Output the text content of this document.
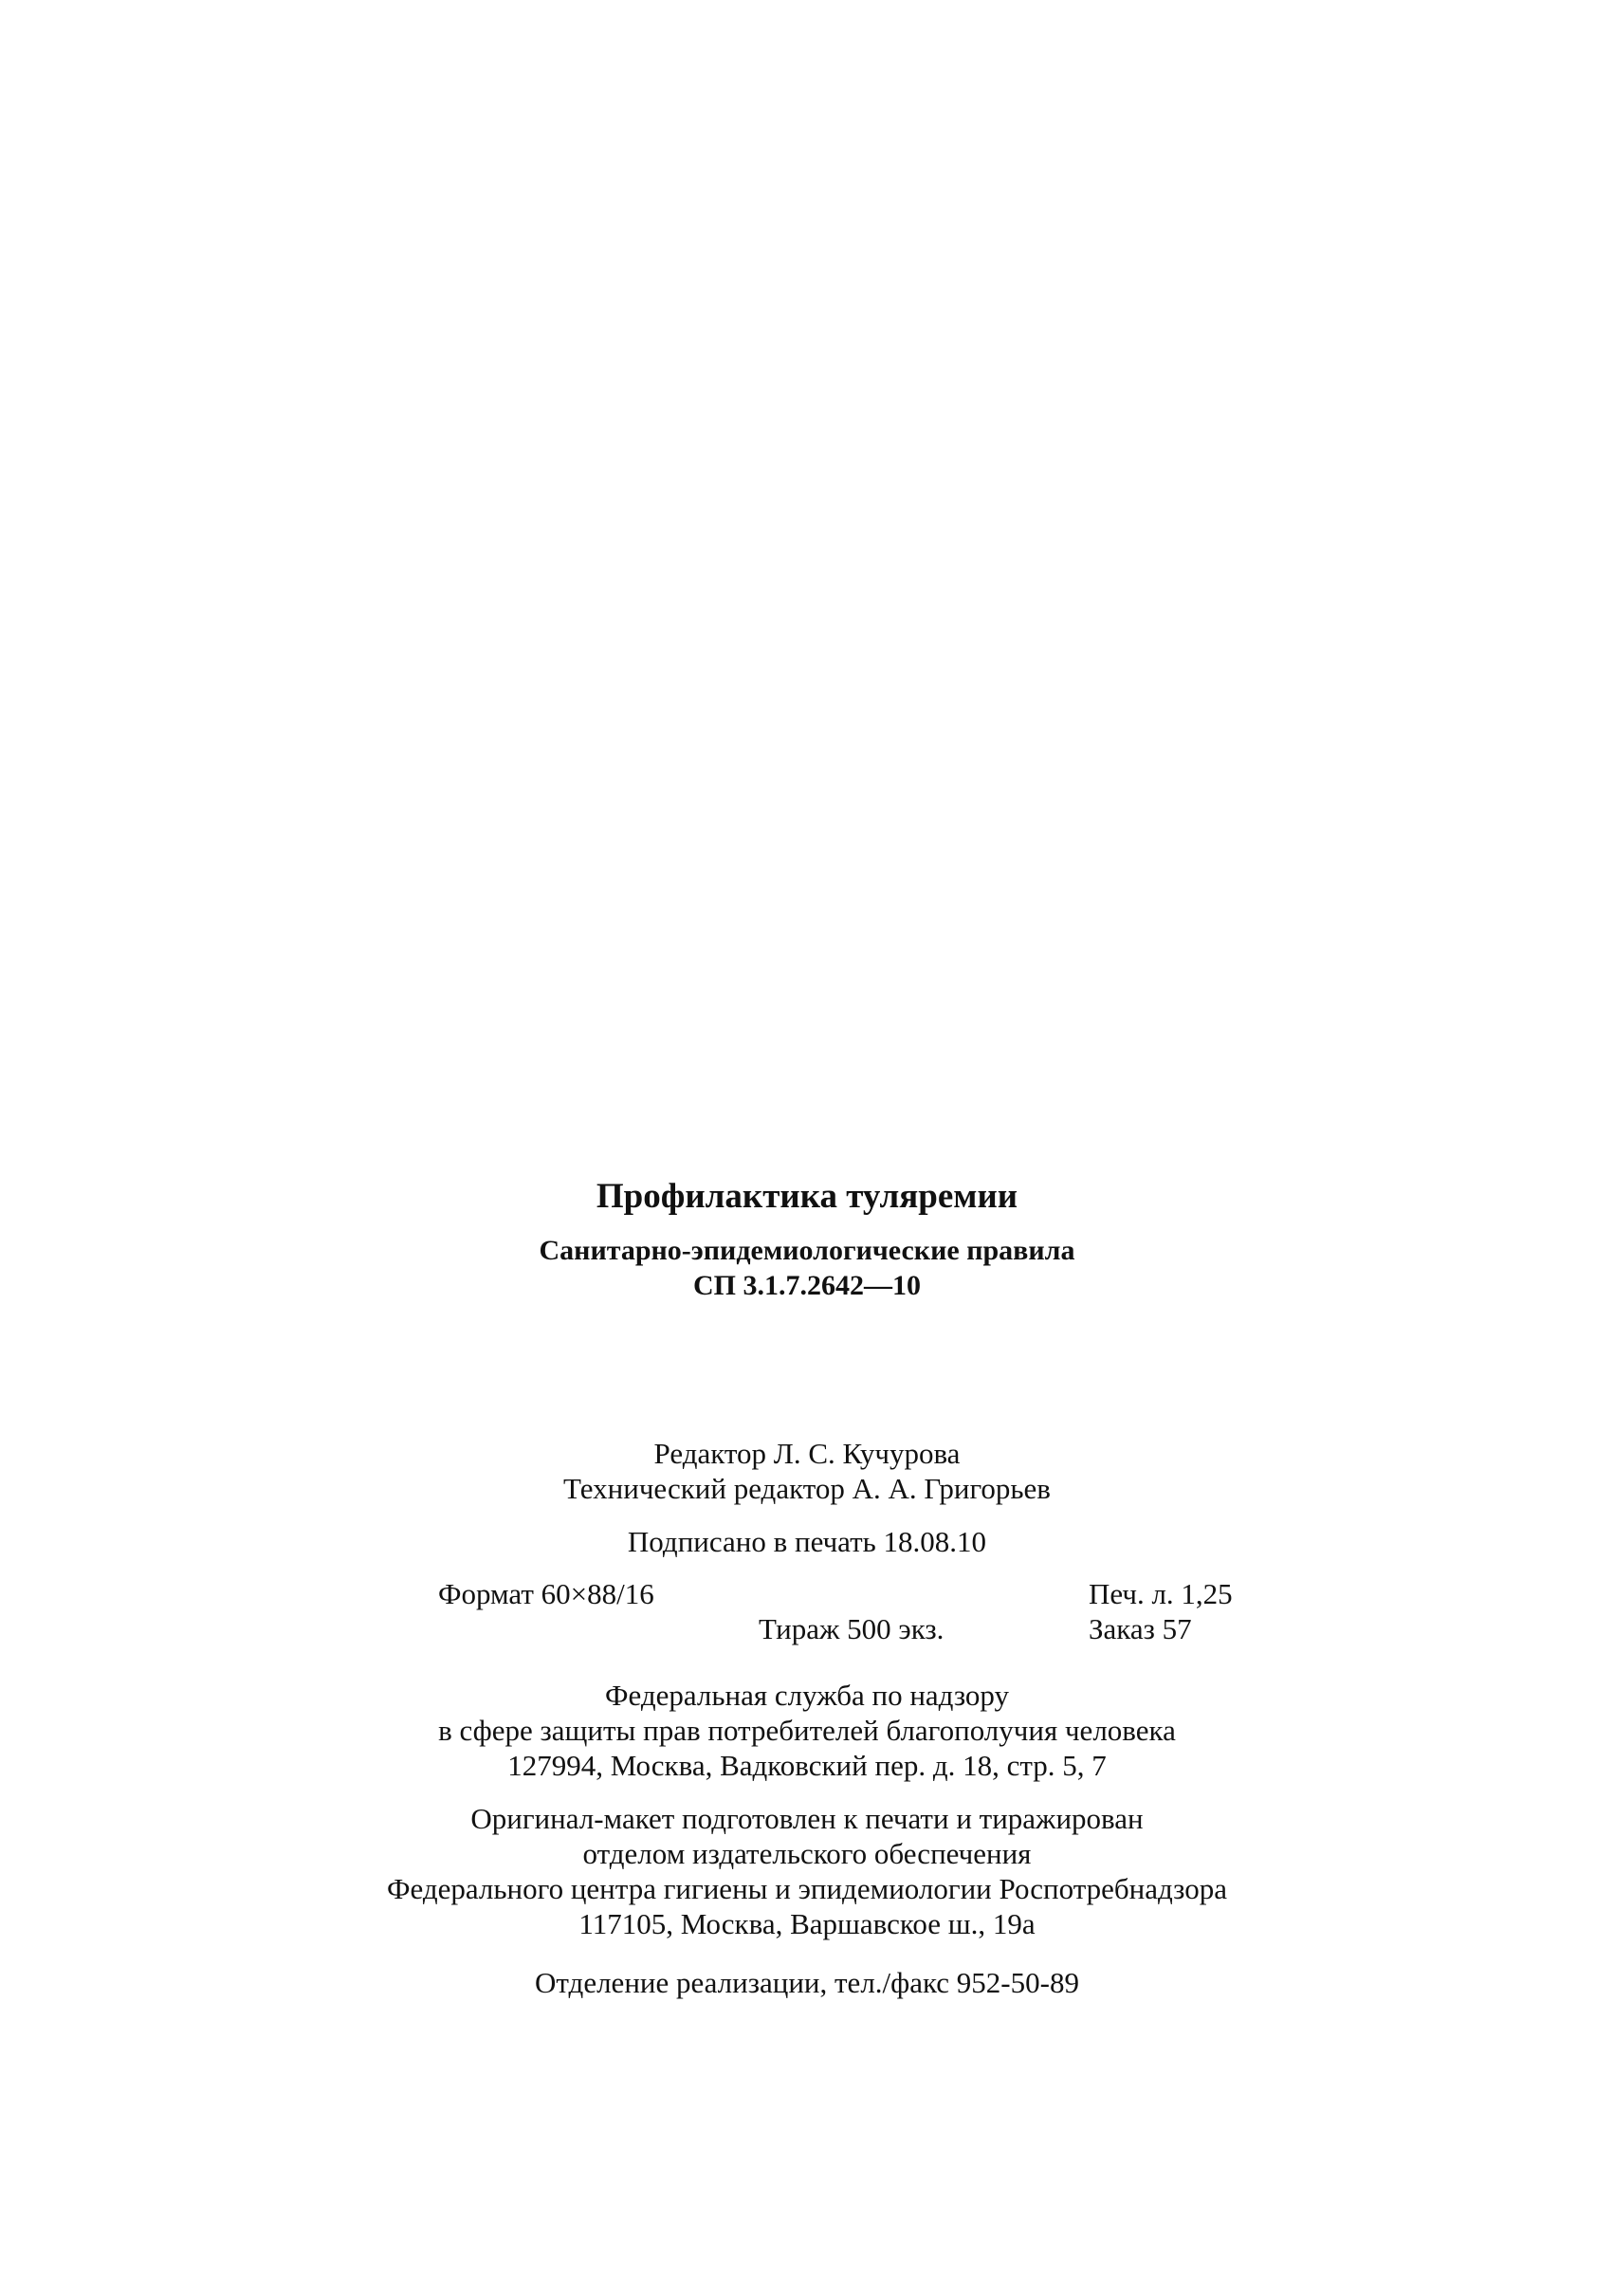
Профилактика туляремии
Санитарно-эпидемиологические правила
СП 3.1.7.2642—10
Редактор Л. С. Кучурова
Технический редактор А. А. Григорьев
Подписано в печать 18.08.10
Формат 60×88/16	Печ. л. 1,25
Тираж 500 экз.	Заказ 57
Федеральная служба по надзору
в сфере защиты прав потребителей благополучия человека
127994, Москва, Вадковский пер. д. 18, стр. 5, 7
Оригинал-макет подготовлен к печати и тиражирован
отделом издательского обеспечения
Федерального центра гигиены и эпидемиологии Роспотребнадзора
117105, Москва, Варшавское ш., 19а
Отделение реализации, тел./факс 952-50-89
